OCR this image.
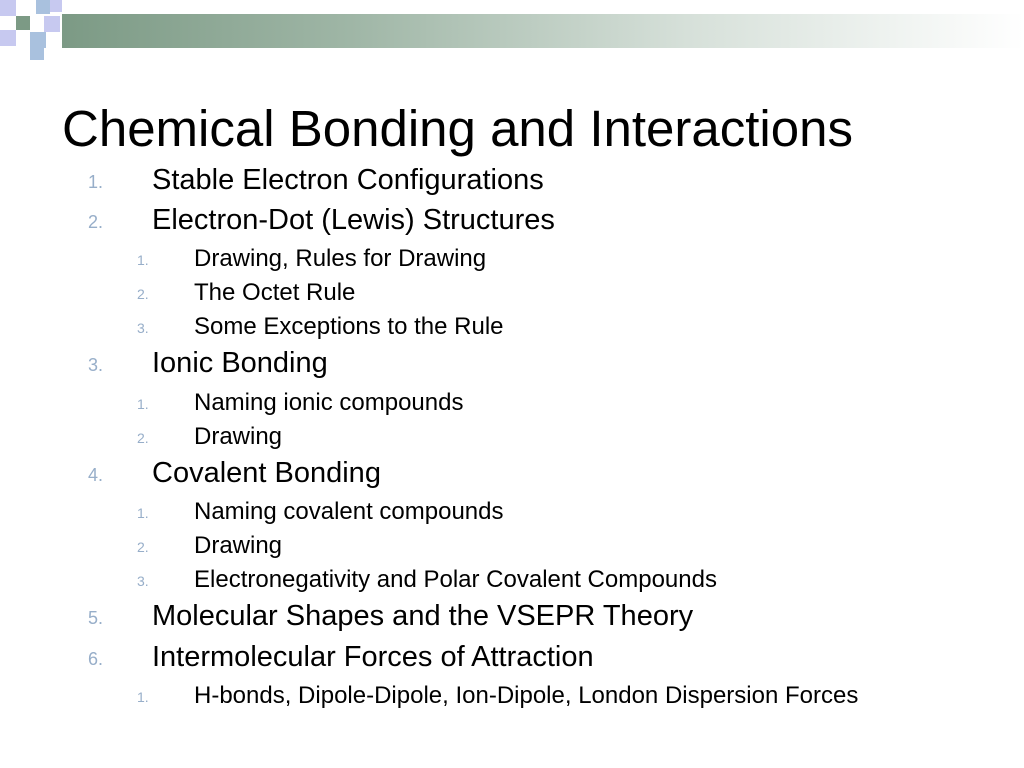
Chemical Bonding and Interactions
1. Stable Electron Configurations
2. Electron-Dot (Lewis) Structures
1. Drawing, Rules for Drawing
2. The Octet Rule
3. Some Exceptions to the Rule
3. Ionic Bonding
1. Naming ionic compounds
2. Drawing
4. Covalent Bonding
1. Naming covalent compounds
2. Drawing
3. Electronegativity and Polar Covalent Compounds
5. Molecular Shapes and the VSEPR Theory
6. Intermolecular Forces of Attraction
1. H-bonds, Dipole-Dipole, Ion-Dipole, London Dispersion Forces
